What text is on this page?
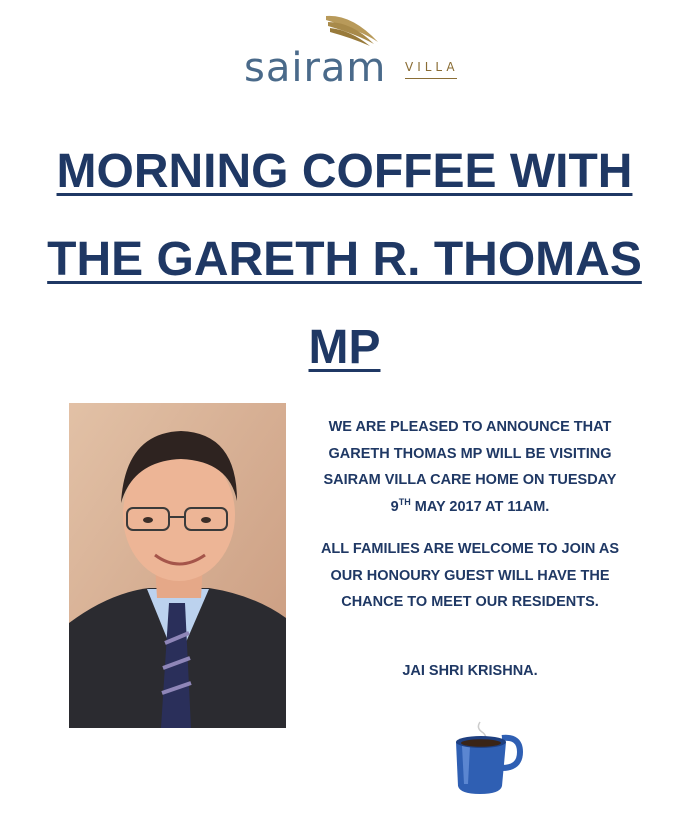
sairam VILLA
MORNING COFFEE WITH
THE GARETH R. THOMAS
MP

WE ARE PLEASED TO ANNOUNCE THAT
GARETH THOMAS MP WILL BE VISITING
SAIRAM VILLA CARE HOME ON TUESDAY
9TH MAY 2017 AT 11AM.

ALL FAMILIES ARE WELCOME TO JOIN AS
OUR HONOURY GUEST WILL HAVE THE
CHANCE TO MEET OUR RESIDENTS.

JAI SHRI KRISHNA.
